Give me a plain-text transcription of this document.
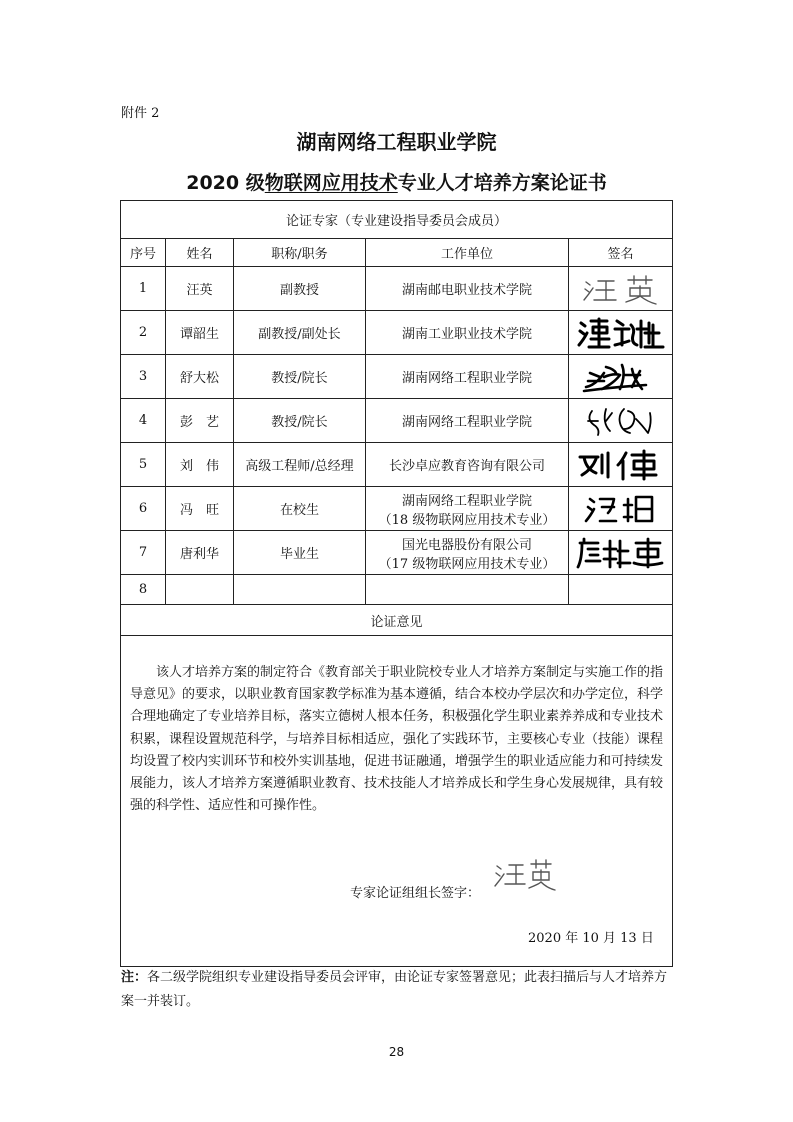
附件 2
湖南网络工程职业学院
2020 级物联网应用技术专业人才培养方案论证书
论证专家（专业建设指导委员会成员）				
序号	姓名	职称/职务	工作单位	签名
1	汪英	副教授	湖南邮电职业技术学院	

2	谭韶生	副教授/副处长	湖南工业职业技术学院	

3	舒大松	教授/院长	湖南网络工程职业学院	

4	彭　艺	教授/院长	湖南网络工程职业学院	

5	刘　伟	高级工程师/总经理	长沙卓应教育咨询有限公司	

6	冯　旺	在校生	湖南网络工程职业学院
（18 级物联网应用技术专业）

7	唐利华	毕业生	国光电器股份有限公司
（17 级物联网应用技术专业）

8				
论证意见				

该人才培养方案的制定符合《教育部关于职业院校专业人才培养方案制定与实施工作的指导意见》的要求，以职业教育国家教学标准为基本遵循，结合本校办学层次和办学定位，科学合理地确定了专业培养目标，落实立德树人根本任务，积极强化学生职业素养养成和专业技术积累，课程设置规范科学，与培养目标相适应，强化了实践环节，主要核心专业（技能）课程均设置了校内实训环节和校外实训基地，促进书证融通，增强学生的职业适应能力和可持续发展能力，该人才培养方案遵循职业教育、技术技能人才培养成长和学生身心发展规律，具有较强的科学性、适应性和可操作性。
专家论证组组长签字：
2020 年 10 月 13 日				
注：各二级学院组织专业建设指导委员会评审，由论证专家签署意见；此表扫描后与人才培养方案一并装订。
28
